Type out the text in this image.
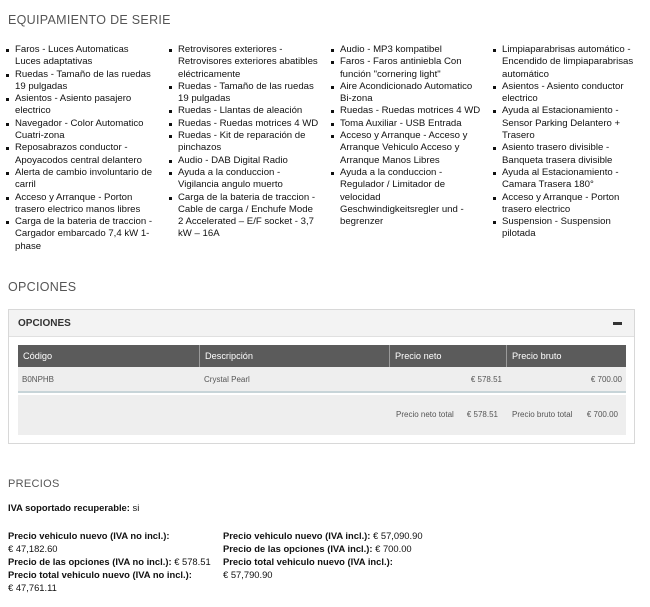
EQUIPAMIENTO DE SERIE
Faros - Luces Automaticas Luces adaptativas
Ruedas - Tamaño de las ruedas 19 pulgadas
Asientos - Asiento pasajero electrico
Navegador - Color Automatico Cuatri-zona
Reposabrazos conductor - Apoyacodos central delantero
Alerta de cambio involuntario de carril
Acceso y Arranque - Porton trasero electrico manos libres
Carga de la bateria de traccion - Cargador embarcado 7,4 kW 1-phase
Retrovisores exteriores - Retrovisores exteriores abatibles eléctricamente
Ruedas - Tamaño de las ruedas 19 pulgadas
Ruedas - Llantas de aleación
Ruedas - Ruedas motrices 4 WD
Ruedas - Kit de reparación de pinchazos
Audio - DAB Digital Radio
Ayuda a la conduccion - Vigilancia angulo muerto
Carga de la bateria de traccion - Cable de carga / Enchufe Mode 2 Accelerated – E/F socket - 3,7 kW – 16A
Audio - MP3 kompatibel
Faros - Faros antiniebla Con función "cornering light"
Aire Acondicionado Automatico Bi-zona
Ruedas - Ruedas motrices 4 WD
Toma Auxiliar - USB Entrada
Acceso y Arranque - Acceso y Arranque Vehiculo Acceso y Arranque Manos Libres
Ayuda a la conduccion - Regulador / Limitador de velocidad Geschwindigkeitsregler und -begrenzer
Limpiaparabrisas automático - Encendido de limpiaparabrisas automático
Asientos - Asiento conductor electrico
Ayuda al Estacionamiento - Sensor Parking Delantero + Trasero
Asiento trasero divisible - Banqueta trasera divisible
Ayuda al Estacionamiento - Camara Trasera 180°
Acceso y Arranque - Porton trasero electrico
Suspension - Suspension pilotada
OPCIONES
OPCIONES
Código	Descripción	Precio neto	Precio bruto
B0NPHB	Crystal Pearl	€ 578.51	€ 700.00
Precio neto total € 578.51 Precio bruto total € 700.00
PRECIOS
IVA soportado recuperable: si
Precio vehiculo nuevo (IVA no incl.):
€ 47,182.60
Precio de las opciones (IVA no incl.): € 578.51
Precio total vehiculo nuevo (IVA no incl.):
€ 47,761.11
Precio vehiculo nuevo (IVA incl.): € 57,090.90
Precio de las opciones (IVA incl.): € 700.00
Precio total vehiculo nuevo (IVA incl.):
€ 57,790.90
